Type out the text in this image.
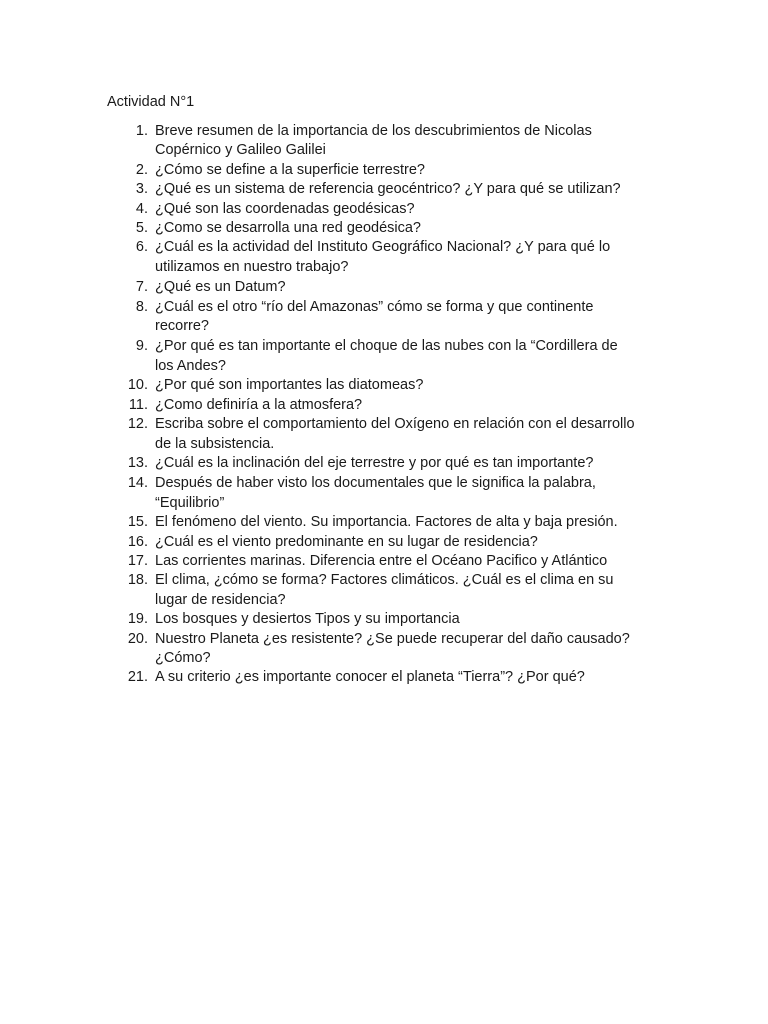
Actividad N°1
1. Breve resumen de la importancia de los descubrimientos de Nicolas
Copérnico y Galileo Galilei
2. ¿Cómo se define a la superficie terrestre?
3. ¿Qué es un sistema de referencia geocéntrico? ¿Y para qué se utilizan?
4. ¿Qué son las coordenadas geodésicas?
5. ¿Como se desarrolla una red geodésica?
6. ¿Cuál es la actividad del Instituto Geográfico Nacional? ¿Y para qué lo
utilizamos en nuestro trabajo?
7. ¿Qué es un Datum?
8. ¿Cuál es el otro “río del Amazonas” cómo se forma y que continente
recorre?
9. ¿Por qué es tan importante el choque de las nubes con la “Cordillera de
los Andes?
10. ¿Por qué son importantes las diatomeas?
11. ¿Como definiría a la atmosfera?
12. Escriba sobre el comportamiento del Oxígeno en relación con el desarrollo
de la subsistencia.
13. ¿Cuál es la inclinación del eje terrestre y por qué es tan importante?
14. Después de haber visto los documentales que le significa la palabra,
“Equilibrio”
15. El fenómeno del viento. Su importancia. Factores de alta y baja presión.
16. ¿Cuál es el viento predominante en su lugar de residencia?
17. Las corrientes marinas. Diferencia entre el Océano Pacifico y Atlántico
18. El clima, ¿cómo se forma? Factores climáticos. ¿Cuál es el clima en su
lugar de residencia?
19. Los bosques y desiertos Tipos y su importancia
20. Nuestro Planeta ¿es resistente? ¿Se puede recuperar del daño causado?
¿Cómo?
21. A su criterio ¿es importante conocer el planeta “Tierra”? ¿Por qué?
